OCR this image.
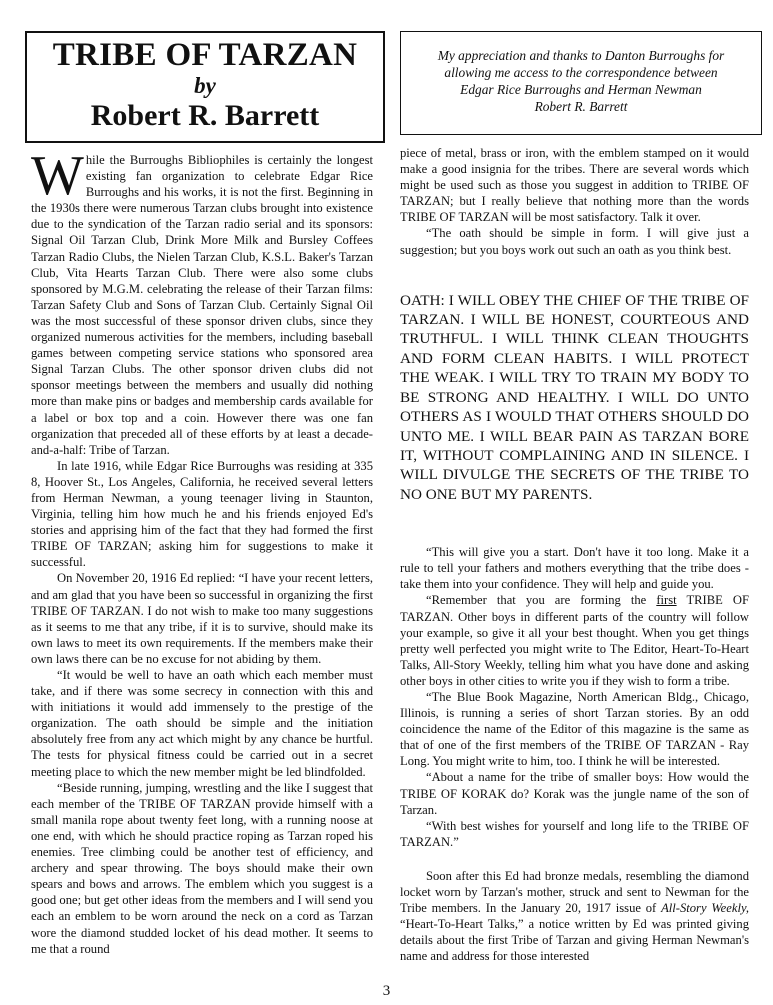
TRIBE OF TARZAN
by
Robert R. Barrett
My appreciation and thanks to Danton Burroughs for
allowing me access to the correspondence between
Edgar Rice Burroughs and Herman Newman
Robert R. Barrett

While the Burroughs Bibliophiles is certainly the longest existing fan organization to celebrate Edgar Rice Burroughs and his works, it is not the first. Beginning in the 1930s there were numerous Tarzan clubs brought into existence due to the syndication of the Tarzan radio serial and its sponsors: Signal Oil Tarzan Club, Drink More Milk and Bursley Coffees Tarzan Radio Clubs, the Nielen Tarzan Club, K.S.L. Baker's Tarzan Club, Vita Hearts Tarzan Club. There were also some clubs sponsored by M.G.M. celebrating the release of their Tarzan films: Tarzan Safety Club and Sons of Tarzan Club. Certainly Signal Oil was the most successful of these sponsor driven clubs, since they organized numerous activities for the members, including baseball games between competing service stations who sponsored area Signal Tarzan Clubs. The other sponsor driven clubs did not sponsor meetings between the members and usually did nothing more than make pins or badges and membership cards available for a label or box top and a coin. However there was one fan organization that preceded all of these efforts by at least a decade-and-a-half: Tribe of Tarzan.

In late 1916, while Edgar Rice Burroughs was residing at 335 8, Hoover St., Los Angeles, California, he received several letters from Herman Newman, a young teenager living in Staunton, Virginia, telling him how much he and his friends enjoyed Ed's stories and apprising him of the fact that they had formed the first TRIBE OF TARZAN; asking him for suggestions to make it successful.

On November 20, 1916 Ed replied: “I have your recent letters, and am glad that you have been so successful in organizing the first TRIBE OF TARZAN. I do not wish to make too many suggestions as it seems to me that any tribe, if it is to survive, should make its own laws to meet its own requirements. If the members make their own laws there can be no excuse for not abiding by them.

“It would be well to have an oath which each member must take, and if there was some secrecy in connection with this and with initiations it would add immensely to the prestige of the organization. The oath should be simple and the initiation absolutely free from any act which might by any chance be hurtful. The tests for physical fitness could be carried out in a secret meeting place to which the new member might be led blindfolded.

“Beside running, jumping, wrestling and the like I suggest that each member of the TRIBE OF TARZAN provide himself with a small manila rope about twenty feet long, with a running noose at one end, with which he should practice roping as Tarzan roped his enemies. Tree climbing could be another test of efficiency, and archery and spear throwing. The boys should make their own spears and bows and arrows. The emblem which you suggest is a good one; but get other ideas from the members and I will send you each an emblem to be worn around the neck on a cord as Tarzan wore the diamond studded locket of his dead mother. It seems to me that a round

piece of metal, brass or iron, with the emblem stamped on it would make a good insignia for the tribes. There are several words which might be used such as those you suggest in addition to TRIBE OF TARZAN; but I really believe that nothing more than the words TRIBE OF TARZAN will be most satisfactory. Talk it over.

“The oath should be simple in form. I will give just a suggestion; but you boys work out such an oath as you think best.

OATH: I WILL OBEY THE CHIEF OF THE TRIBE OF TARZAN. I WILL BE HONEST, COURTEOUS AND TRUTHFUL. I WILL THINK CLEAN THOUGHTS AND FORM CLEAN HABITS. I WILL PROTECT THE WEAK. I WILL TRY TO TRAIN MY BODY TO BE STRONG AND HEALTHY. I WILL DO UNTO OTHERS AS I WOULD THAT OTHERS SHOULD DO UNTO ME. I WILL BEAR PAIN AS TARZAN BORE IT, WITHOUT COMPLAINING AND IN SILENCE. I WILL DIVULGE THE SECRETS OF THE TRIBE TO NO ONE BUT MY PARENTS.

“This will give you a start. Don't have it too long. Make it a rule to tell your fathers and mothers everything that the tribe does - take them into your confidence. They will help and guide you.

“Remember that you are forming the first TRIBE OF TARZAN. Other boys in different parts of the country will follow your example, so give it all your best thought. When you get things pretty well perfected you might write to The Editor, Heart-To-Heart Talks, All-Story Weekly, telling him what you have done and asking other boys in other cities to write you if they wish to form a tribe.

“The Blue Book Magazine, North American Bldg., Chicago, Illinois, is running a series of short Tarzan stories. By an odd coincidence the name of the Editor of this magazine is the same as that of one of the first members of the TRIBE OF TARZAN - Ray Long. You might write to him, too. I think he will be interested.

“About a name for the tribe of smaller boys: How would the TRIBE OF KORAK do? Korak was the jungle name of the son of Tarzan.

“With best wishes for yourself and long life to the TRIBE OF TARZAN.”

Soon after this Ed had bronze medals, resembling the diamond locket worn by Tarzan's mother, struck and sent to Newman for the Tribe members. In the January 20, 1917 issue of All-Story Weekly, “Heart-To-Heart Talks,” a notice written by Ed was printed giving details about the first Tribe of Tarzan and giving Herman Newman's name and address for those interested

3
